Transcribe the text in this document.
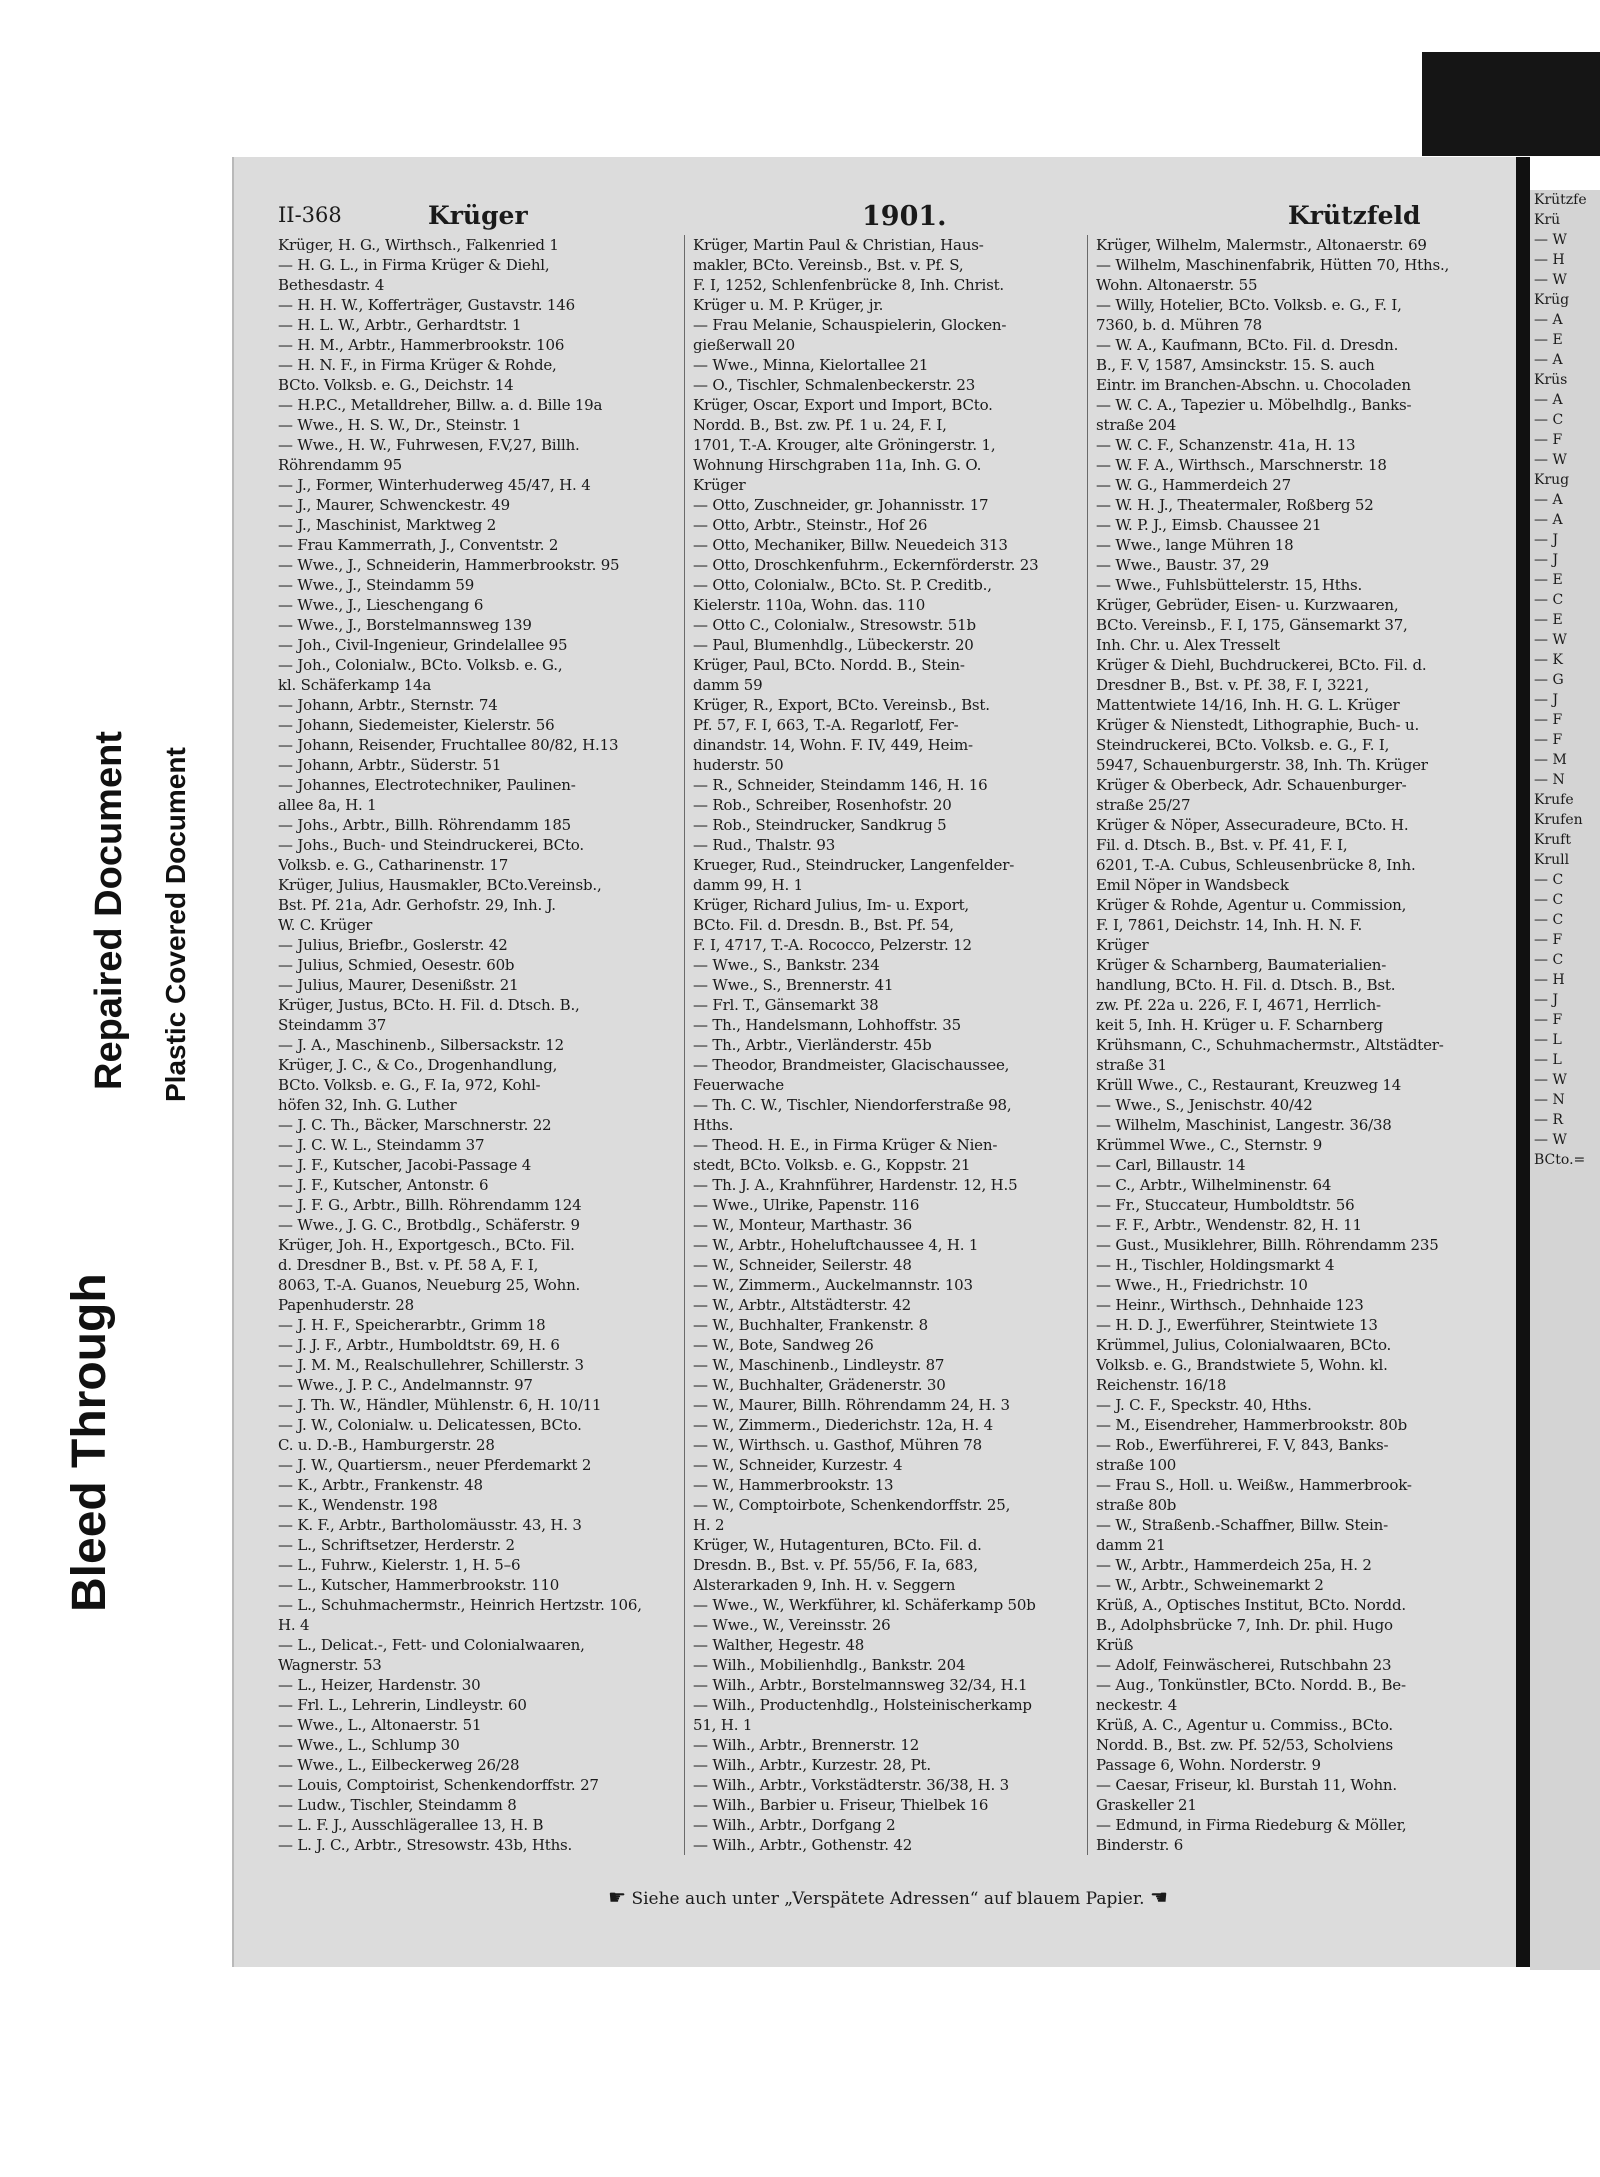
Bleed Through
Repaired Document Plastic Covered Document
II-368	Krüger	1901.	Krützfeld
Krüger, H. G., Wirthsch., Falkenried 1
— H. G. L., in Firma Krüger & Diehl,
Bethesdastr. 4
— H. H. W., Kofferträger, Gustavstr. 146
— H. L. W., Arbtr., Gerhardtstr. 1
— H. M., Arbtr., Hammerbrookstr. 106
— H. N. F., in Firma Krüger & Rohde,
BCto. Volksb. e. G., Deichstr. 14
— H.P.C., Metalldreher, Billw. a. d. Bille 19a
— Wwe., H. S. W., Dr., Steinstr. 1
— Wwe., H. W., Fuhrwesen, F.V,27, Billh.
Röhrendamm 95
— J., Former, Winterhuderweg 45/47, H. 4
— J., Maurer, Schwenckestr. 49
— J., Maschinist, Marktweg 2
— Frau Kammerrath, J., Conventstr. 2
— Wwe., J., Schneiderin, Hammerbrookstr. 95
— Wwe., J., Steindamm 59
— Wwe., J., Lieschengang 6
— Wwe., J., Borstelmannsweg 139
— Joh., Civil-Ingenieur, Grindelallee 95
— Joh., Colonialw., BCto. Volksb. e. G.,
kl. Schäferkamp 14a
— Johann, Arbtr., Sternstr. 74
— Johann, Siedemeister, Kielerstr. 56
— Johann, Reisender, Fruchtallee 80/82, H.13
— Johann, Arbtr., Süderstr. 51
— Johannes, Electrotechniker, Paulinen-
allee 8a, H. 1
— Johs., Arbtr., Billh. Röhrendamm 185
— Johs., Buch- und Steindruckerei, BCto.
Volksb. e. G., Catharinenstr. 17
Krüger, Julius, Hausmakler, BCto.Vereinsb.,
Bst. Pf. 21a, Adr. Gerhofstr. 29, Inh. J.
W. C. Krüger
— Julius, Briefbr., Goslerstr. 42
— Julius, Schmied, Oesestr. 60b
— Julius, Maurer, Desenißstr. 21
Krüger, Justus, BCto. H. Fil. d. Dtsch. B.,
Steindamm 37
— J. A., Maschinenb., Silbersackstr. 12
Krüger, J. C., & Co., Drogenhandlung,
BCto. Volksb. e. G., F. Ia, 972, Kohl-
höfen 32, Inh. G. Luther
— J. C. Th., Bäcker, Marschnerstr. 22
— J. C. W. L., Steindamm 37
— J. F., Kutscher, Jacobi-Passage 4
— J. F., Kutscher, Antonstr. 6
— J. F. G., Arbtr., Billh. Röhrendamm 124
— Wwe., J. G. C., Brotbdlg., Schäferstr. 9
Krüger, Joh. H., Exportgesch., BCto. Fil.
d. Dresdner B., Bst. v. Pf. 58 A, F. I,
8063, T.-A. Guanos, Neueburg 25, Wohn.
Papenhuderstr. 28
— J. H. F., Speicherarbtr., Grimm 18
— J. J. F., Arbtr., Humboldtstr. 69, H. 6
— J. M. M., Realschullehrer, Schillerstr. 3
— Wwe., J. P. C., Andelmannstr. 97
— J. Th. W., Händler, Mühlenstr. 6, H. 10/11
— J. W., Colonialw. u. Delicatessen, BCto.
C. u. D.-B., Hamburgerstr. 28
— J. W., Quartiersm., neuer Pferdemarkt 2
— K., Arbtr., Frankenstr. 48
— K., Wendenstr. 198
— K. F., Arbtr., Bartholomäusstr. 43, H. 3
— L., Schriftsetzer, Herderstr. 2
— L., Fuhrw., Kielerstr. 1, H. 5–6
— L., Kutscher, Hammerbrookstr. 110
— L., Schuhmachermstr., Heinrich Hertzstr. 106,
H. 4
— L., Delicat.-, Fett- und Colonialwaaren,
Wagnerstr. 53
— L., Heizer, Hardenstr. 30
— Frl. L., Lehrerin, Lindleystr. 60
— Wwe., L., Altonaerstr. 51
— Wwe., L., Schlump 30
— Wwe., L., Eilbeckerweg 26/28
— Louis, Comptoirist, Schenkendorffstr. 27
— Ludw., Tischler, Steindamm 8
— L. F. J., Ausschlägerallee 13, H. B
— L. J. C., Arbtr., Stresowstr. 43b, Hths.
Krüger, Martin Paul & Christian, Haus-
makler, BCto. Vereinsb., Bst. v. Pf. S,
F. I, 1252, Schlenfenbrücke 8, Inh. Christ.
Krüger u. M. P. Krüger, jr.
— Frau Melanie, Schauspielerin, Glocken-
gießerwall 20
— Wwe., Minna, Kielortallee 21
— O., Tischler, Schmalenbeckerstr. 23
Krüger, Oscar, Export und Import, BCto.
Nordd. B., Bst. zw. Pf. 1 u. 24, F. I,
1701, T.-A. Krouger, alte Gröningerstr. 1,
Wohnung Hirschgraben 11a, Inh. G. O.
Krüger
— Otto, Zuschneider, gr. Johannisstr. 17
— Otto, Arbtr., Steinstr., Hof 26
— Otto, Mechaniker, Billw. Neuedeich 313
— Otto, Droschkenfuhrm., Eckernförderstr. 23
— Otto, Colonialw., BCto. St. P. Creditb.,
Kielerstr. 110a, Wohn. das. 110
— Otto C., Colonialw., Stresowstr. 51b
— Paul, Blumenhdlg., Lübeckerstr. 20
Krüger, Paul, BCto. Nordd. B., Stein-
damm 59
Krüger, R., Export, BCto. Vereinsb., Bst.
Pf. 57, F. I, 663, T.-A. Regarlotf, Fer-
dinandstr. 14, Wohn. F. IV, 449, Heim-
huderstr. 50
— R., Schneider, Steindamm 146, H. 16
— Rob., Schreiber, Rosenhofstr. 20
— Rob., Steindrucker, Sandkrug 5
— Rud., Thalstr. 93
Krueger, Rud., Steindrucker, Langenfelder-
damm 99, H. 1
Krüger, Richard Julius, Im- u. Export,
BCto. Fil. d. Dresdn. B., Bst. Pf. 54,
F. I, 4717, T.-A. Rococco, Pelzerstr. 12
— Wwe., S., Bankstr. 234
— Wwe., S., Brennerstr. 41
— Frl. T., Gänsemarkt 38
— Th., Handelsmann, Lohhoffstr. 35
— Th., Arbtr., Vierländerstr. 45b
— Theodor, Brandmeister, Glacischaussee,
Feuerwache
— Th. C. W., Tischler, Niendorferstraße 98,
Hths.
— Theod. H. E., in Firma Krüger & Nien-
stedt, BCto. Volksb. e. G., Koppstr. 21
— Th. J. A., Krahnführer, Hardenstr. 12, H.5
— Wwe., Ulrike, Papenstr. 116
— W., Monteur, Marthastr. 36
— W., Arbtr., Hoheluftchaussee 4, H. 1
— W., Schneider, Seilerstr. 48
— W., Zimmerm., Auckelmannstr. 103
— W., Arbtr., Altstädterstr. 42
— W., Buchhalter, Frankenstr. 8
— W., Bote, Sandweg 26
— W., Maschinenb., Lindleystr. 87
— W., Buchhalter, Grädenerstr. 30
— W., Maurer, Billh. Röhrendamm 24, H. 3
— W., Zimmerm., Diederichstr. 12a, H. 4
— W., Wirthsch. u. Gasthof, Mühren 78
— W., Schneider, Kurzestr. 4
— W., Hammerbrookstr. 13
— W., Comptoirbote, Schenkendorffstr. 25,
H. 2
Krüger, W., Hutagenturen, BCto. Fil. d.
Dresdn. B., Bst. v. Pf. 55/56, F. Ia, 683,
Alsterarkaden 9, Inh. H. v. Seggern
— Wwe., W., Werkführer, kl. Schäferkamp 50b
— Wwe., W., Vereinsstr. 26
— Walther, Hegestr. 48
— Wilh., Mobilienhdlg., Bankstr. 204
— Wilh., Arbtr., Borstelmannsweg 32/34, H.1
— Wilh., Productenhdlg., Holsteinischerkamp
51, H. 1
— Wilh., Arbtr., Brennerstr. 12
— Wilh., Arbtr., Kurzestr. 28, Pt.
— Wilh., Arbtr., Vorkstädterstr. 36/38, H. 3
— Wilh., Barbier u. Friseur, Thielbek 16
— Wilh., Arbtr., Dorfgang 2
— Wilh., Arbtr., Gothenstr. 42
Krüger, Wilhelm, Malermstr., Altonaerstr. 69
— Wilhelm, Maschinenfabrik, Hütten 70, Hths.,
Wohn. Altonaerstr. 55
— Willy, Hotelier, BCto. Volksb. e. G., F. I,
7360, b. d. Mühren 78
— W. A., Kaufmann, BCto. Fil. d. Dresdn.
B., F. V, 1587, Amsinckstr. 15. S. auch
Eintr. im Branchen-Abschn. u. Chocoladen
— W. C. A., Tapezier u. Möbelhdlg., Banks-
straße 204
— W. C. F., Schanzenstr. 41a, H. 13
— W. F. A., Wirthsch., Marschnerstr. 18
— W. G., Hammerdeich 27
— W. H. J., Theatermaler, Roßberg 52
— W. P. J., Eimsb. Chaussee 21
— Wwe., lange Mühren 18
— Wwe., Baustr. 37, 29
— Wwe., Fuhlsbüttelerstr. 15, Hths.
Krüger, Gebrüder, Eisen- u. Kurzwaaren,
BCto. Vereinsb., F. I, 175, Gänsemarkt 37,
Inh. Chr. u. Alex Tresselt
Krüger & Diehl, Buchdruckerei, BCto. Fil. d.
Dresdner B., Bst. v. Pf. 38, F. I, 3221,
Mattentwiete 14/16, Inh. H. G. L. Krüger
Krüger & Nienstedt, Lithographie, Buch- u.
Steindruckerei, BCto. Volksb. e. G., F. I,
5947, Schauenburgerstr. 38, Inh. Th. Krüger
Krüger & Oberbeck, Adr. Schauenburger-
straße 25/27
Krüger & Nöper, Assecuradeure, BCto. H.
Fil. d. Dtsch. B., Bst. v. Pf. 41, F. I,
6201, T.-A. Cubus, Schleusenbrücke 8, Inh.
Emil Nöper in Wandsbeck
Krüger & Rohde, Agentur u. Commission,
F. I, 7861, Deichstr. 14, Inh. H. N. F.
Krüger
Krüger & Scharnberg, Baumaterialien-
handlung, BCto. H. Fil. d. Dtsch. B., Bst.
zw. Pf. 22a u. 226, F. I, 4671, Herrlich-
keit 5, Inh. H. Krüger u. F. Scharnberg
Krühsmann, C., Schuhmachermstr., Altstädter-
straße 31
Krüll Wwe., C., Restaurant, Kreuzweg 14
— Wwe., S., Jenischstr. 40/42
— Wilhelm, Maschinist, Langestr. 36/38
Krümmel Wwe., C., Sternstr. 9
— Carl, Billaustr. 14
— C., Arbtr., Wilhelminenstr. 64
— Fr., Stuccateur, Humboldtstr. 56
— F. F., Arbtr., Wendenstr. 82, H. 11
— Gust., Musiklehrer, Billh. Röhrendamm 235
— H., Tischler, Holdingsmarkt 4
— Wwe., H., Friedrichstr. 10
— Heinr., Wirthsch., Dehnhaide 123
— H. D. J., Ewerführer, Steintwiete 13
Krümmel, Julius, Colonialwaaren, BCto.
Volksb. e. G., Brandstwiete 5, Wohn. kl.
Reichenstr. 16/18
— J. C. F., Speckstr. 40, Hths.
— M., Eisendreher, Hammerbrookstr. 80b
— Rob., Ewerführerei, F. V, 843, Banks-
straße 100
— Frau S., Holl. u. Weißw., Hammerbrook-
straße 80b
— W., Straßenb.-Schaffner, Billw. Stein-
damm 21
— W., Arbtr., Hammerdeich 25a, H. 2
— W., Arbtr., Schweinemarkt 2
Krüß, A., Optisches Institut, BCto. Nordd.
B., Adolphsbrücke 7, Inh. Dr. phil. Hugo
Krüß
— Adolf, Feinwäscherei, Rutschbahn 23
— Aug., Tonkünstler, BCto. Nordd. B., Be-
neckestr. 4
Krüß, A. C., Agentur u. Commiss., BCto.
Nordd. B., Bst. zw. Pf. 52/53, Scholviens
Passage 6, Wohn. Norderstr. 9
— Caesar, Friseur, kl. Burstah 11, Wohn.
Graskeller 21
— Edmund, in Firma Riedeburg & Möller,
Binderstr. 6
☛ Siehe auch unter „Verspätete Adressen“ auf blauem Papier. ☚
Krützfe
Krü
— W
— H
— W
Krüg
— A
— E
— A
Krüs
— A
— C
— F
— W
Krug
— A
— A
— J
— J
— E
— C
— E
— W
— K
— G
— J
— F
— F
— M
— N
Krufe
Krufen
Kruft
Krull
— C
— C
— C
— F
— C
— H
— J
— F
— L
— L
— W
— N
— R
— W
BCto.=
